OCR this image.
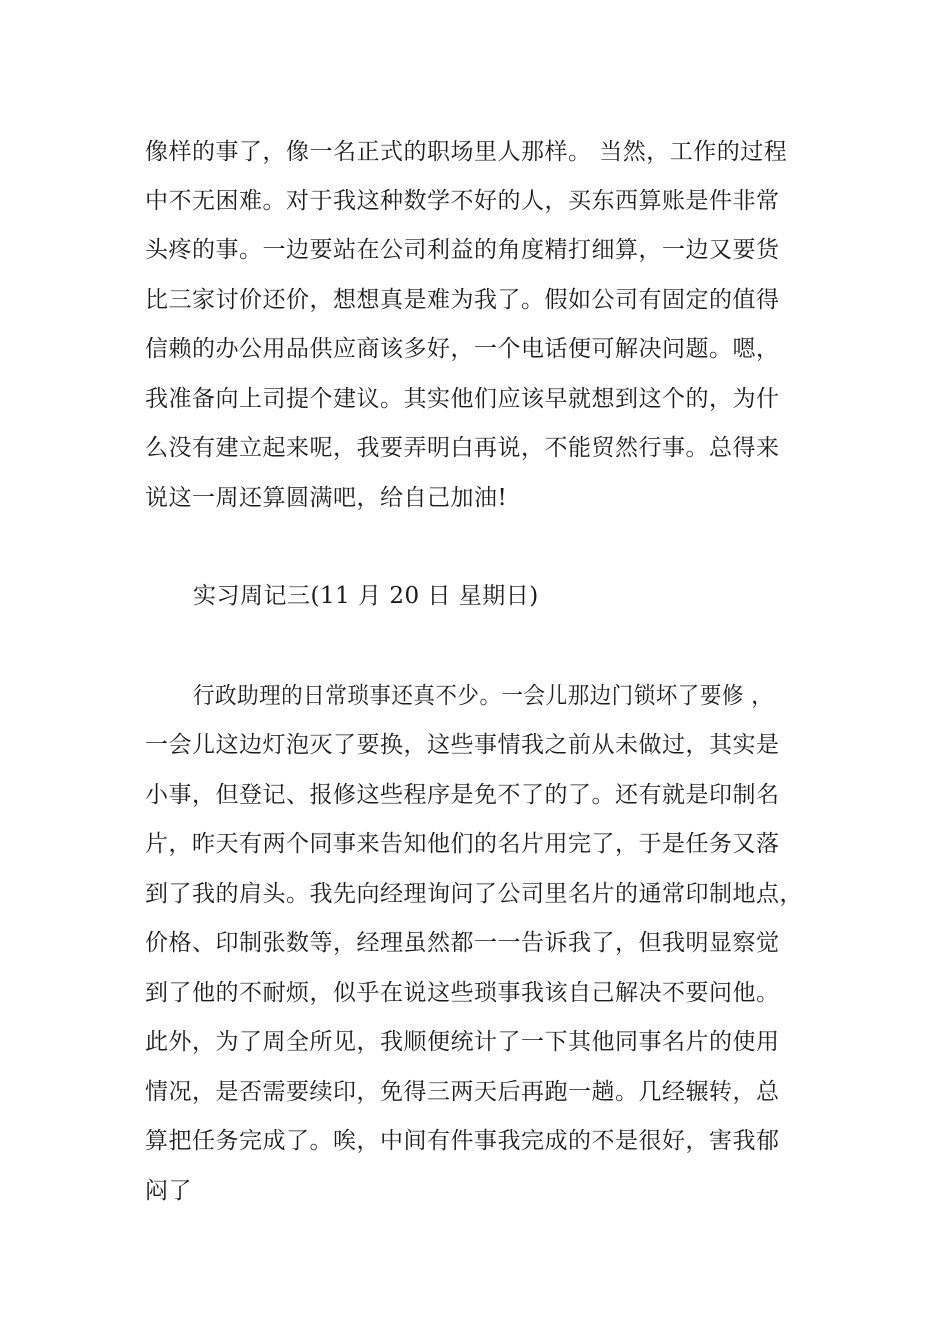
像样的事了，像一名正式的职场里人那样。 当然，工作的过程
中不无困难。对于我这种数学不好的人，买东西算账是件非常
头疼的事。一边要站在公司利益的角度精打细算，一边又要货
比三家讨价还价，想想真是难为我了。假如公司有固定的值得
信赖的办公用品供应商该多好，一个电话便可解决问题。嗯，
我准备向上司提个建议。其实他们应该早就想到这个的，为什
么没有建立起来呢，我要弄明白再说，不能贸然行事。总得来
说这一周还算圆满吧，给自己加油!
实习周记三(11 月 20 日 星期日)
行政助理的日常琐事还真不少。一会儿那边门锁坏了要修 ，
一会儿这边灯泡灭了要换，这些事情我之前从未做过，其实是
小事，但登记、报修这些程序是免不了的了。还有就是印制名
片，昨天有两个同事来告知他们的名片用完了，于是任务又落
到了我的肩头。我先向经理询问了公司里名片的通常印制地点，
价格、印制张数等，经理虽然都一一告诉我了，但我明显察觉
到了他的不耐烦，似乎在说这些琐事我该自己解决不要问他。
此外，为了周全所见，我顺便统计了一下其他同事名片的使用
情况，是否需要续印，免得三两天后再跑一趟。几经辗转，总
算把任务完成了。唉，中间有件事我完成的不是很好，害我郁
闷了
